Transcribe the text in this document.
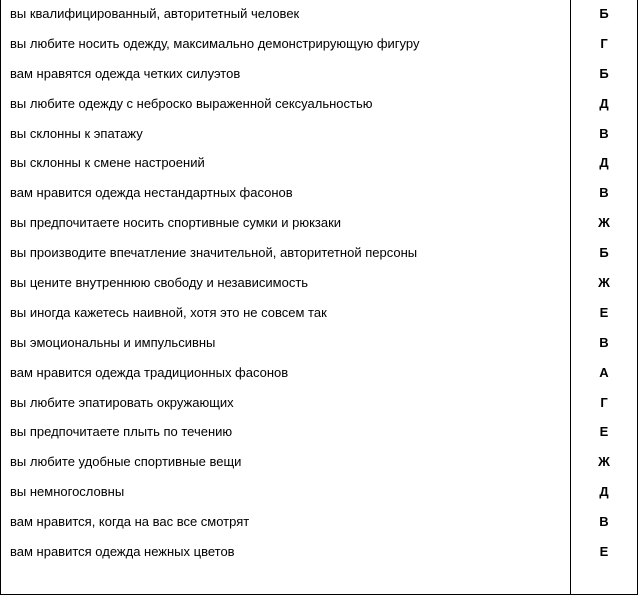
вы квалифицированный, авторитетный человек	Б
вы любите носить одежду, максимально демонстрирующую фигуру	Г
вам нравятся одежда четких силуэтов	Б
вы любите одежду с неброско выраженной сексуальностью	Д
вы склонны к эпатажу	В
вы склонны к смене настроений	Д
вам нравится одежда нестандартных фасонов	В
вы предпочитаете носить спортивные сумки и рюкзаки	Ж
вы производите впечатление значительной, авторитетной персоны	Б
вы цените внутреннюю свободу и независимость	Ж
вы иногда кажетесь наивной, хотя это не совсем так	Е
вы эмоциональны и импульсивны	В
вам нравится одежда традиционных фасонов	А
вы любите эпатировать окружающих	Г
вы предпочитаете плыть по течению	Е
вы любите удобные спортивные вещи	Ж
вы немногословны	Д
вам нравится, когда на вас все смотрят	В
вам нравится одежда нежных цветов	Е
